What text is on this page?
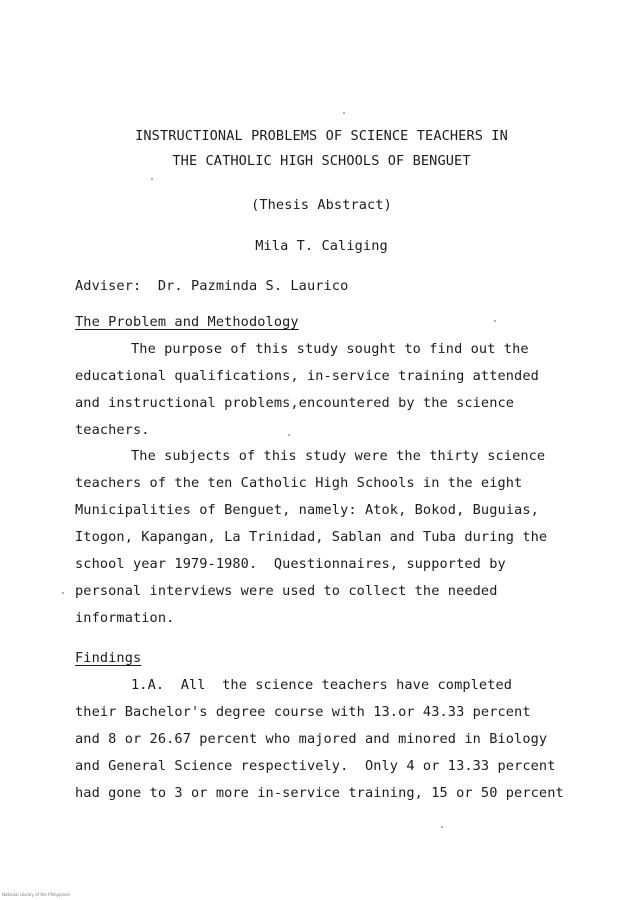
INSTRUCTIONAL PROBLEMS OF SCIENCE TEACHERS IN
THE CATHOLIC HIGH SCHOOLS OF BENGUET
(Thesis Abstract)
Mila T. Caliging
Adviser:  Dr. Pazminda S. Laurico
The Problem and Methodology
The purpose of this study sought to find out the
educational qualifications, in-service training attended
and instructional problems,encountered by the science
teachers.
The subjects of this study were the thirty science
teachers of the ten Catholic High Schools in the eight
Municipalities of Benguet, namely: Atok, Bokod, Buguias,
Itogon, Kapangan, La Trinidad, Sablan and Tuba during the
school year 1979-1980.  Questionnaires, supported by
personal interviews were used to collect the needed
information.
Findings
1.A.  All  the science teachers have completed
their Bachelor's degree course with 13.or 43.33 percent
and 8 or 26.67 percent who majored and minored in Biology
and General Science respectively.  Only 4 or 13.33 percent
had gone to 3 or more in-service training, 15 or 50 percent
National Library of the Philippines
